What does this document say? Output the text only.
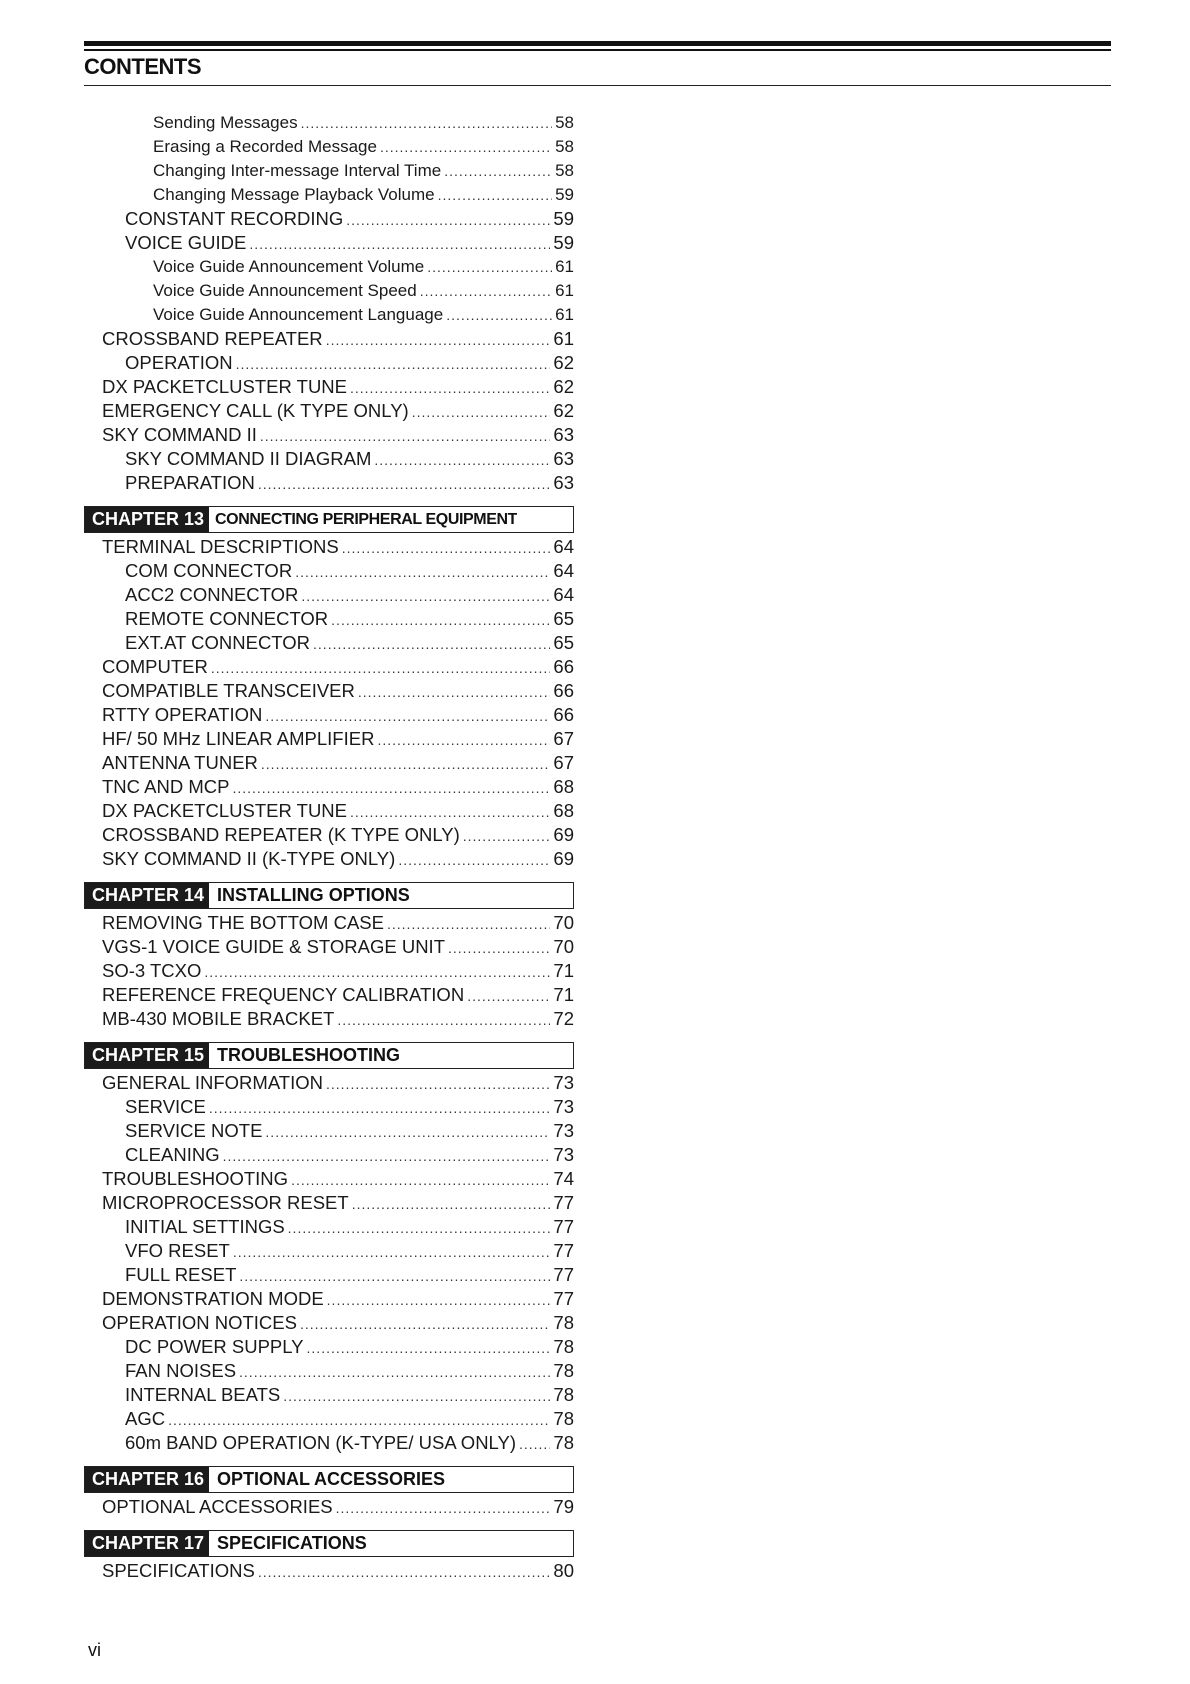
CONTENTS
Sending Messages .....	58
Erasing a Recorded Message .....	58
Changing Inter-message Interval Time .....	58
Changing Message Playback Volume .....	59
CONSTANT RECORDING .....	59
VOICE GUIDE .....	59
Voice Guide Announcement Volume .....	61
Voice Guide Announcement Speed .....	61
Voice Guide Announcement Language .....	61
CROSSBAND REPEATER .....	61
OPERATION .....	62
DX PACKETCLUSTER TUNE .....	62
EMERGENCY CALL (K TYPE ONLY) .....	62
SKY COMMAND II .....	63
SKY COMMAND II DIAGRAM .....	63
PREPARATION .....	63
CHAPTER 13 CONNECTING PERIPHERAL EQUIPMENT
TERMINAL DESCRIPTIONS .....	64
COM CONNECTOR .....	64
ACC2 CONNECTOR .....	64
REMOTE CONNECTOR .....	65
EXT.AT CONNECTOR .....	65
COMPUTER .....	66
COMPATIBLE TRANSCEIVER .....	66
RTTY OPERATION .....	66
HF/ 50 MHz LINEAR AMPLIFIER .....	67
ANTENNA TUNER .....	67
TNC AND MCP .....	68
DX PACKETCLUSTER TUNE .....	68
CROSSBAND REPEATER (K TYPE ONLY) .....	69
SKY COMMAND II (K-TYPE ONLY) .....	69
CHAPTER 14 INSTALLING OPTIONS
REMOVING THE BOTTOM CASE .....	70
VGS-1 VOICE GUIDE & STORAGE UNIT .....	70
SO-3 TCXO .....	71
REFERENCE FREQUENCY CALIBRATION .....	71
MB-430 MOBILE BRACKET .....	72
CHAPTER 15 TROUBLESHOOTING
GENERAL INFORMATION .....	73
SERVICE .....	73
SERVICE NOTE .....	73
CLEANING .....	73
TROUBLESHOOTING .....	74
MICROPROCESSOR RESET .....	77
INITIAL SETTINGS .....	77
VFO RESET .....	77
FULL RESET .....	77
DEMONSTRATION MODE .....	77
OPERATION NOTICES .....	78
DC POWER SUPPLY .....	78
FAN NOISES .....	78
INTERNAL BEATS .....	78
AGC .....	78
60m BAND OPERATION (K-TYPE/ USA ONLY) ..... 78
CHAPTER 16 OPTIONAL ACCESSORIES
OPTIONAL ACCESSORIES .....	79
CHAPTER 17 SPECIFICATIONS
SPECIFICATIONS .....	80
vi
